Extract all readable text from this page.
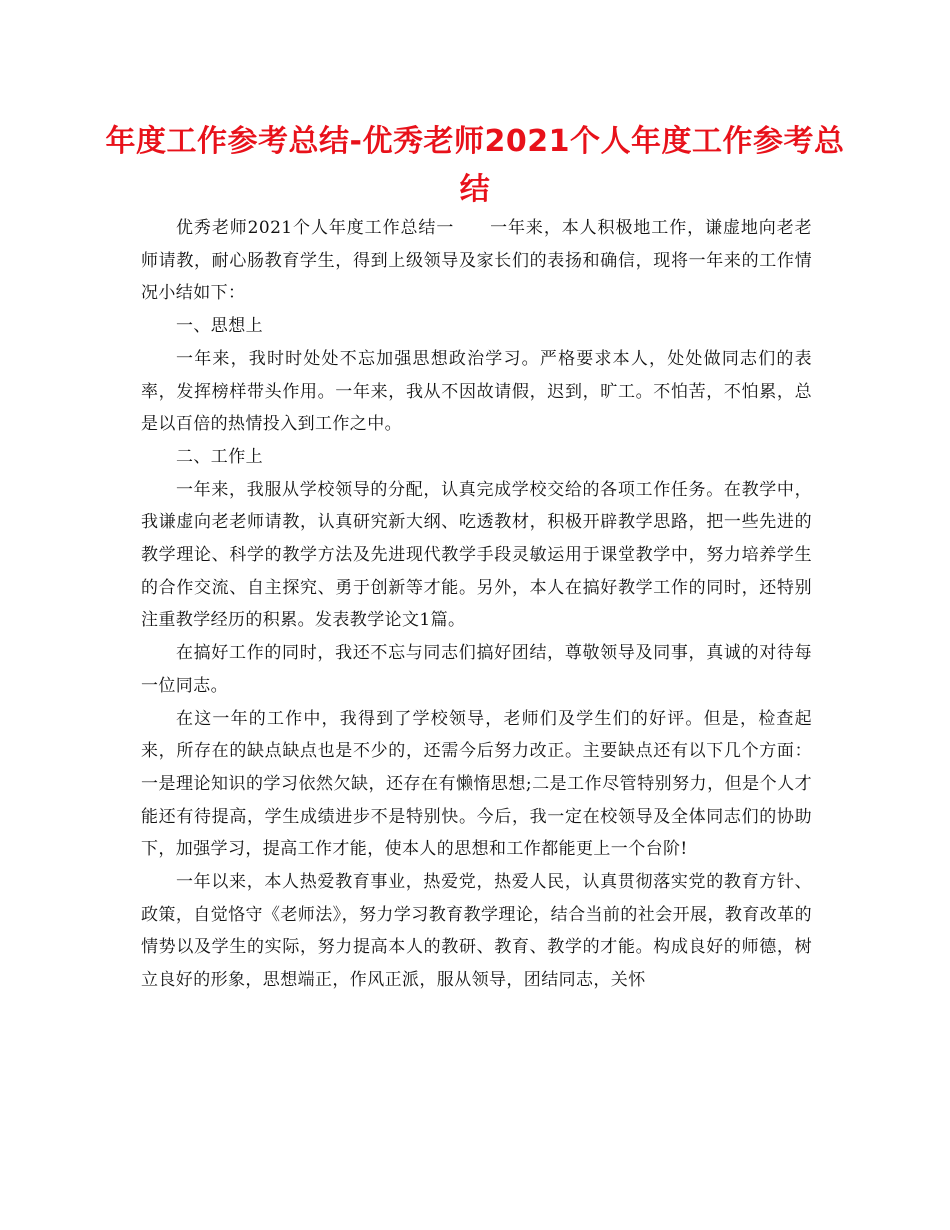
年度工作参考总结-优秀老师2021个人年度工作参考总结

优秀老师2021个人年度工作总结一　　一年来，本人积极地工作，谦虚地向老老师请教，耐心肠教育学生，得到上级领导及家长们的表扬和确信，现将一年来的工作情况小结如下：

一、思想上

一年来，我时时处处不忘加强思想政治学习。严格要求本人，处处做同志们的表率，发挥榜样带头作用。一年来，我从不因故请假，迟到，旷工。不怕苦，不怕累，总是以百倍的热情投入到工作之中。

二、工作上

一年来，我服从学校领导的分配，认真完成学校交给的各项工作任务。在教学中，我谦虚向老老师请教，认真研究新大纲、吃透教材，积极开辟教学思路，把一些先进的教学理论、科学的教学方法及先进现代教学手段灵敏运用于课堂教学中，努力培养学生的合作交流、自主探究、勇于创新等才能。另外，本人在搞好教学工作的同时，还特别注重教学经历的积累。发表教学论文1篇。

在搞好工作的同时，我还不忘与同志们搞好团结，尊敬领导及同事，真诚的对待每一位同志。

在这一年的工作中，我得到了学校领导，老师们及学生们的好评。但是，检查起来，所存在的缺点缺点也是不少的，还需今后努力改正。主要缺点还有以下几个方面：一是理论知识的学习依然欠缺，还存在有懒惰思想;二是工作尽管特别努力，但是个人才能还有待提高，学生成绩进步不是特别快。今后，我一定在校领导及全体同志们的协助下，加强学习，提高工作才能，使本人的思想和工作都能更上一个台阶!

一年以来，本人热爱教育事业，热爱党，热爱人民，认真贯彻落实党的教育方针、政策，自觉恪守《老师法》，努力学习教育教学理论，结合当前的社会开展，教育改革的情势以及学生的实际，努力提高本人的教研、教育、教学的才能。构成良好的师德，树立良好的形象，思想端正，作风正派，服从领导，团结同志，关怀
